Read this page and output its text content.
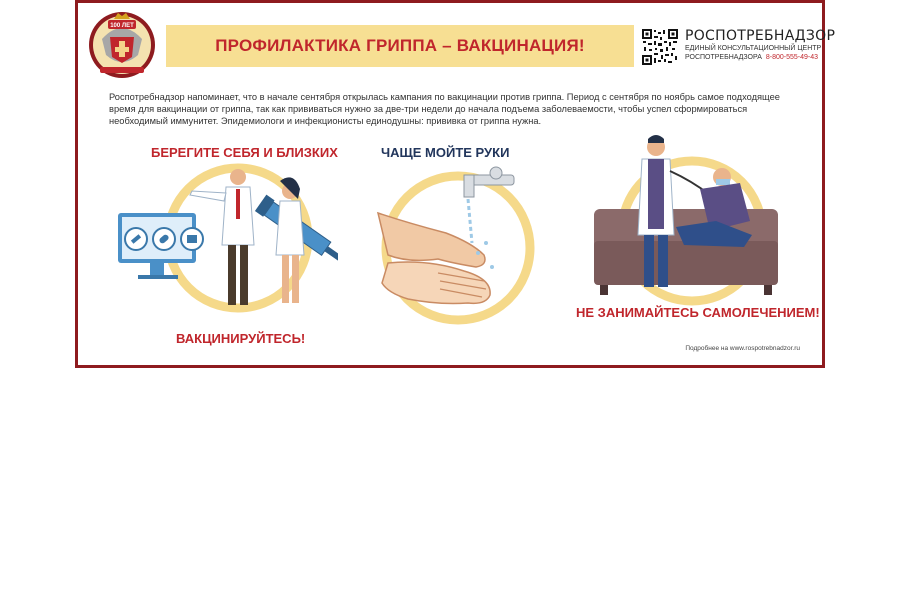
100 ЛЕТ
ПРОФИЛАКТИКА ГРИППА – ВАКЦИНАЦИЯ!	РОСПОТРЕБНАДЗОР
ЕДИНЫЙ КОНСУЛЬТАЦИОННЫЙ ЦЕНТР
РОСПОТРЕБНАДЗОРА 8-800-555-49-43
Роспотребнадзор напоминает, что в начале сентября открылась кампания по вакцинации против гриппа. Период с сентября по ноябрь самое подходящее время для вакцинации от гриппа, так как прививаться нужно за две-три недели до начала подъема заболеваемости, чтобы успел сформироваться необходимый иммунитет. Эпидемиологи и инфекционисты единодушны: прививка от гриппа нужна.
БЕРЕГИТЕ СЕБЯ И БЛИЗКИХ
ВАКЦИНИРУЙТЕСЬ!
ЧАЩЕ МОЙТЕ РУКИ
НЕ ЗАНИМАЙТЕСЬ САМОЛЕЧЕНИЕМ!
Подробнее на www.rospotrebnadzor.ru
